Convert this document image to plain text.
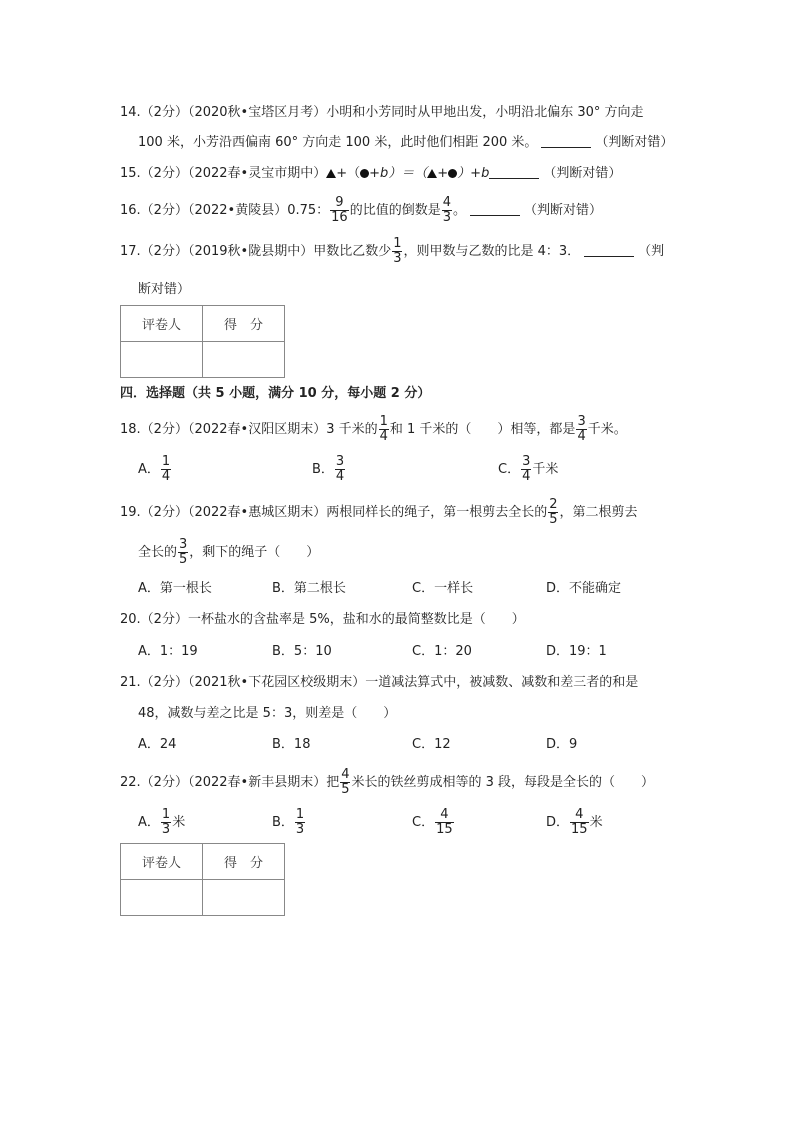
14.（2分）（2020秋•宝塔区月考）小明和小芳同时从甲地出发，小明沿北偏东 30° 方向走
100 米，小芳沿西偏南 60° 方向走 100 米，此时他们相距 200 米。	（判断对错）
15.（2分）（2022春•灵宝市期中） +（ +b）＝（ + ）+b	（判断对错）
16.（2分）（2022•黄陵县）0.75： $\frac{9}{16}$ 的比值的倒数是 $\frac{4}{3}$ 。	（判断对错）
17.（2分）（2019秋•陇县期中）甲数比乙数少 $\frac{1}{3}$ ，则甲数与乙数的比是 4：3．	（判
断对错）
评卷人	得　分

四．选择题（共 5 小题，满分 10 分，每小题 2 分）
18.（2分）（2022春•汉阳区期末）3 千米的 $\frac{1}{4}$ 和 1 千米的（　　）相等，都是 $\frac{3}{4}$ 千米。
A． $\frac{1}{4}$	B． $\frac{3}{4}$	C． $\frac{3}{4}$ 千米
19.（2分）（2022春•惠城区期末）两根同样长的绳子，第一根剪去全长的 $\frac{2}{5}$ ，第二根剪去
全长的 $\frac{3}{5}$ ，剩下的绳子（　　）
A．第一根长	B．第二根长	C．一样长	D．不能确定
20.（2分）一杯盐水的含盐率是 5%，盐和水的最简整数比是（　　）
A．1：19	B．5：10	C．1：20	D．19：1
21.（2分）（2021秋•下花园区校级期末）一道减法算式中，被减数、减数和差三者的和是
48，减数与差之比是 5：3，则差是（　　）
A．24	B．18	C．12	D．9
22.（2分）（2022春•新丰县期末）把 $\frac{4}{5}$ 米长的铁丝剪成相等的 3 段，每段是全长的（　　）
A． $\frac{1}{3}$ 米	B． $\frac{1}{3}$	C． $\frac{4}{15}$	D． $\frac{4}{15}$ 米
评卷人	得　分
